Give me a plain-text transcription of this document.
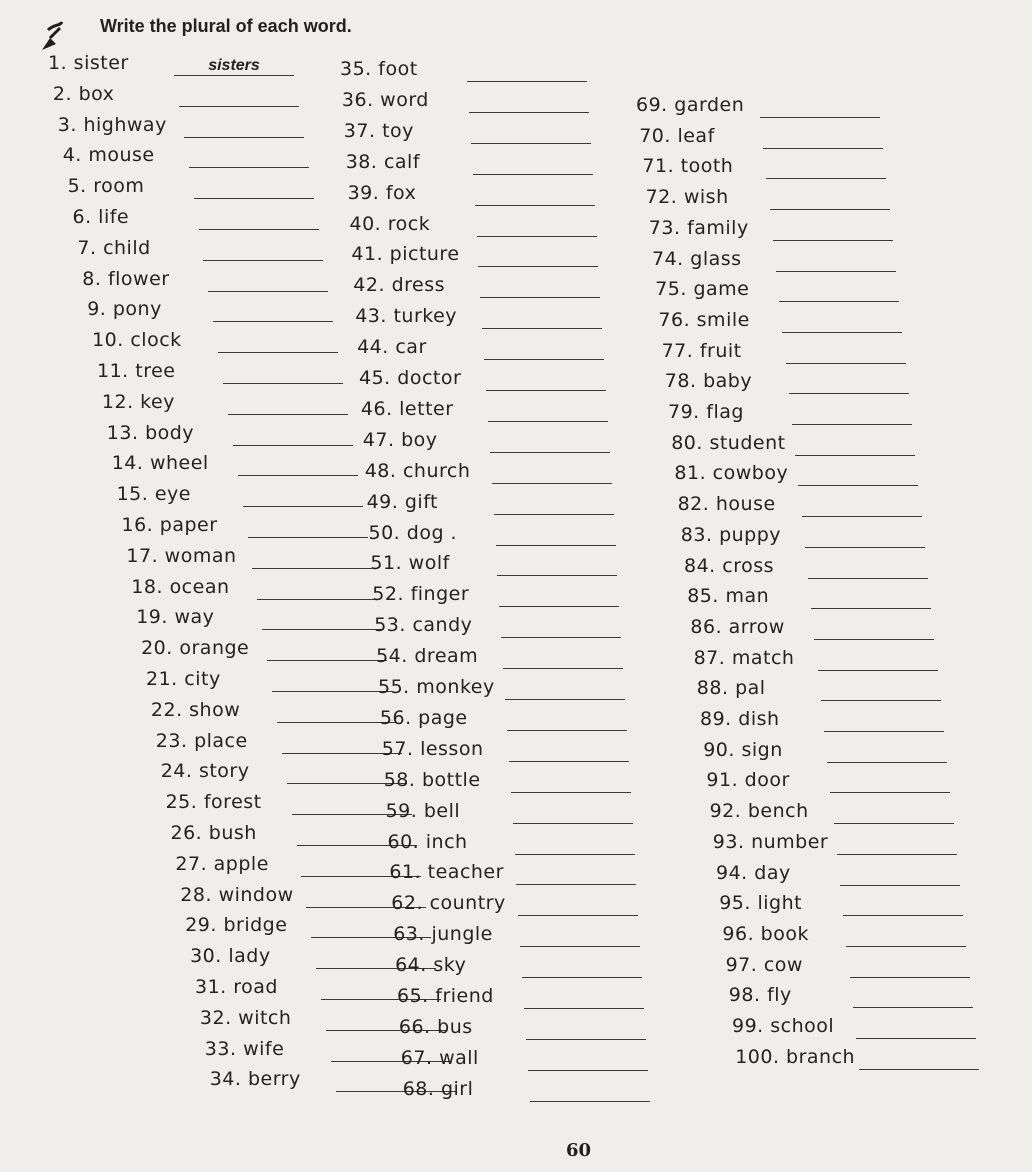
Write the plural of each word.
1. sister	sisters
2. box
3. highway
4. mouse
5. room
6. life
7. child
8. flower
9. pony
10. clock
11. tree
12. key
13. body
14. wheel
15. eye
16. paper
17. woman
18. ocean
19. way
20. orange
21. city
22. show
23. place
24. story
25. forest
26. bush
27. apple
28. window
29. bridge
30. lady
31. road
32. witch
33. wife
34. berry
35. foot
36. word
37. toy
38. calf
39. fox
40. rock
41. picture
42. dress
43. turkey
44. car
45. doctor
46. letter
47. boy
48. church
49. gift
50. dog .
51. wolf
52. finger
53. candy
54. dream
55. monkey
56. page
57. lesson
58. bottle
59. bell
60. inch
61. teacher
62. country
63. jungle
64. sky
65. friend
66. bus
67. wall
68. girl
69. garden
70. leaf
71. tooth
72. wish
73. family
74. glass
75. game
76. smile
77. fruit
78. baby
79. flag
80. student
81. cowboy
82. house
83. puppy
84. cross
85. man
86. arrow
87. match
88. pal
89. dish
90. sign
91. door
92. bench
93. number
94. day
95. light
96. book
97. cow
98. fly
99. school
100. branch
60
